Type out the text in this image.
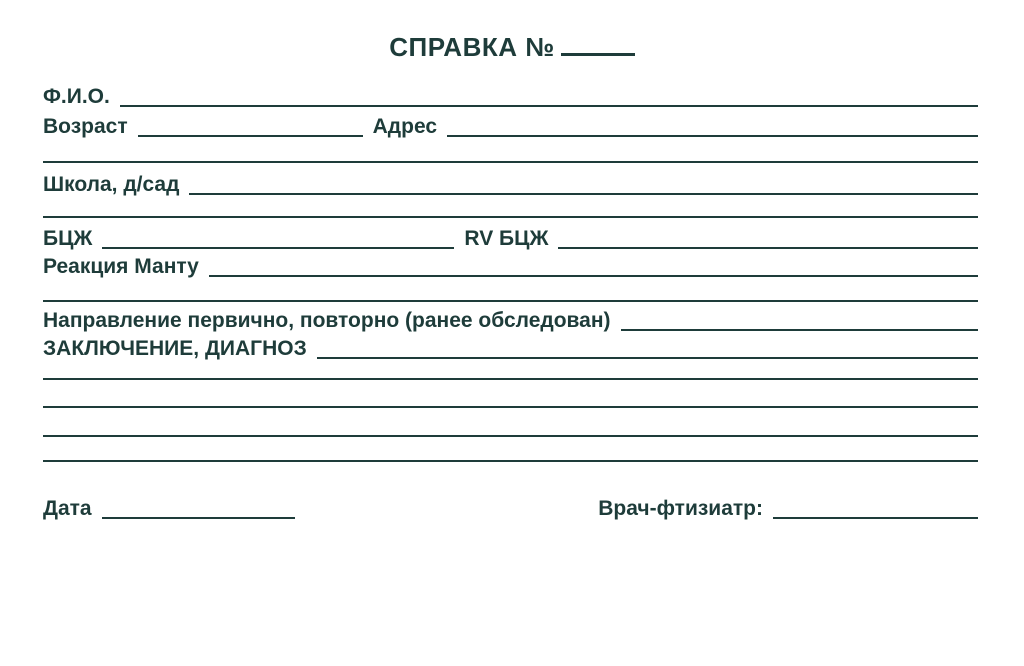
СПРАВКА №
Ф.И.О.
Возраст	Адрес
Школа, д/сад
БЦЖ	RV БЦЖ
Реакция Манту
Направление первично, повторно (ранее обследован)
ЗАКЛЮЧЕНИЕ, ДИАГНОЗ
Дата	Врач-фтизиатр:
